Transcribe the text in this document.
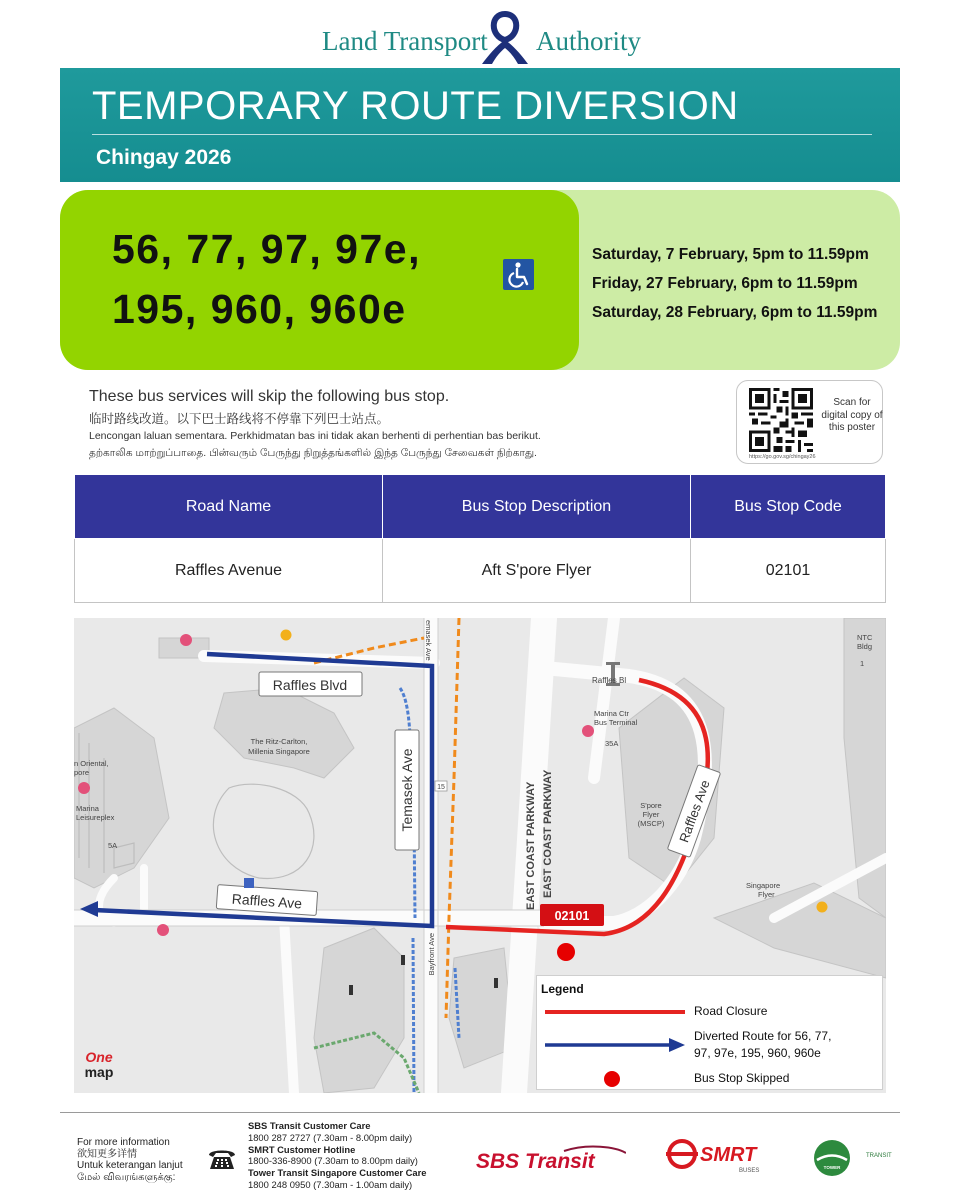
Land Transport Authority
TEMPORARY ROUTE DIVERSION
Chingay 2026
56, 77, 97, 97e,
195, 960, 960e
Saturday, 7 February, 5pm to 11.59pm
Friday, 27 February, 6pm to 11.59pm
Saturday, 28 February, 6pm to 11.59pm
These bus services will skip the following bus stop.
临时路线改道。以下巴士路线将不停靠下列巴士站点。
Lencongan laluan sementara. Perkhidmatan bas ini tidak akan berhenti di perhentian bas berikut.
தற்காலிக மாற்றுப்பாதை. பின்வரும் பேருந்து நிறுத்தங்களில் இந்த பேருந்து சேவைகள் நிற்காது.
Scan for digital copy of this poster
https://go.gov.sg/chingay26
Road Name	Bus Stop Description	Bus Stop Code
Raffles Avenue	Aft S'pore Flyer	02101
02101
Raffles Blvd
Raffles Ave
Temasek Ave	Raffles Ave
The Ritz-Carlton,
Millenia Singapore
Marina
Leisureplex
n Oriental,
pore
Marina Ctr
Bus Terminal
S'pore
Flyer
(MSCP)
Singapore
Flyer
NTC
Bldg
5A
35A
1
Raffles Bl
emasek Ave
Bayfront Ave
15	EAST COAST PARKWAY EAST COAST PARKWAY
Legend
Road Closure
Diverted Route for 56, 77,
97, 97e, 195, 960, 960e
Bus Stop Skipped
One
map
For more information
欲知更多详情
Untuk keterangan lanjut
மேல் விவரங்களுக்கு:
SBS Transit Customer Care
1800 287 2727 (7.30am - 8.00pm daily)
SMRT Customer Hotline
1800-336-8900 (7.30am to 8.00pm daily)
Tower Transit Singapore Customer Care
1800 248 0950 (7.30am - 1.00am daily)
SBS Transit	SMRT
BUSES
TOWER
TRANSIT
